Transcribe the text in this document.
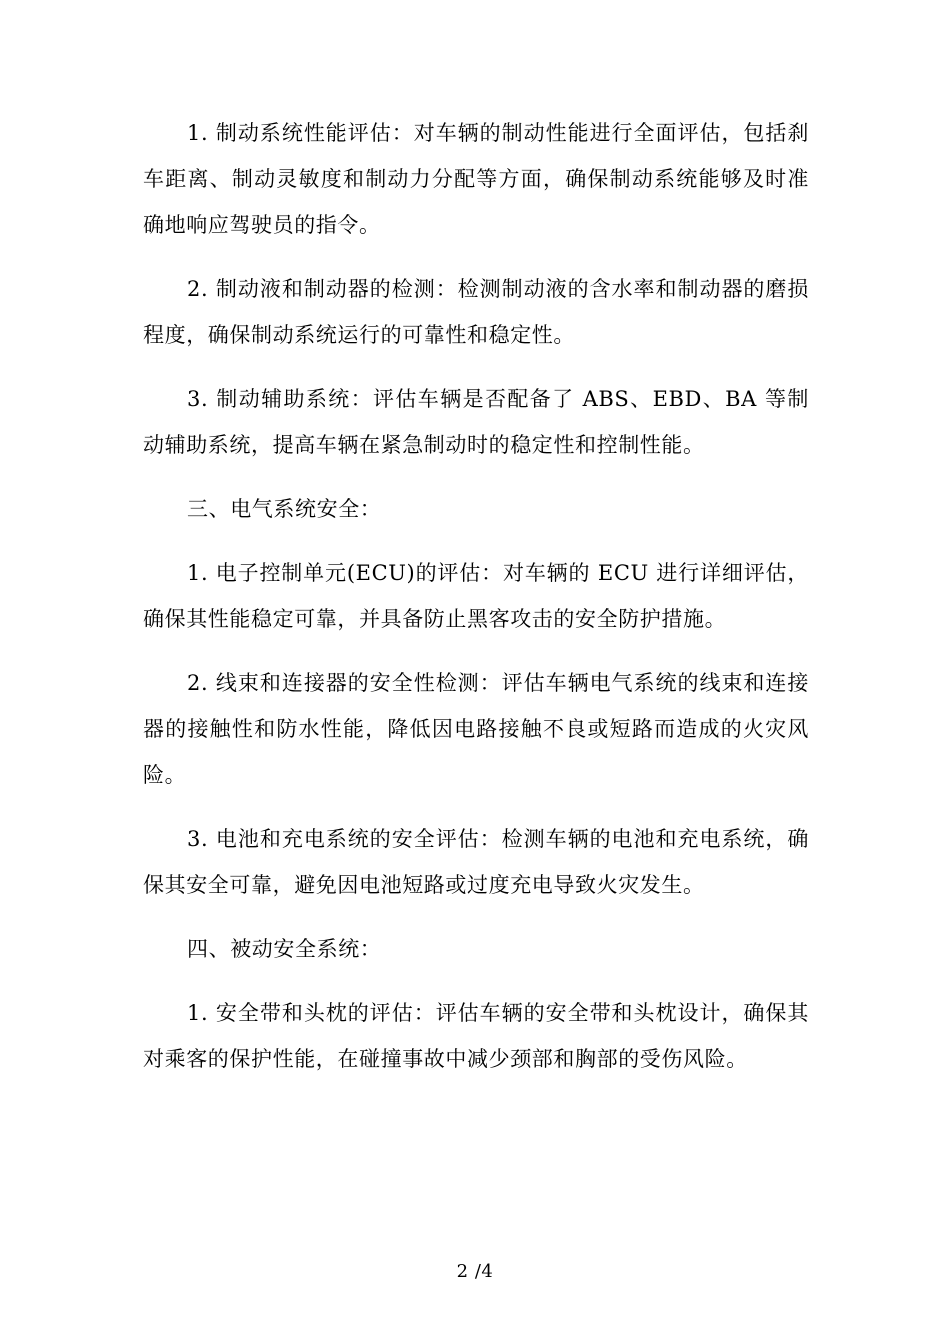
1. 制动系统性能评估：对车辆的制动性能进行全面评估，包括刹车距离、制动灵敏度和制动力分配等方面，确保制动系统能够及时准确地响应驾驶员的指令。

2. 制动液和制动器的检测：检测制动液的含水率和制动器的磨损程度，确保制动系统运行的可靠性和稳定性。

3. 制动辅助系统：评估车辆是否配备了 ABS、EBD、BA 等制动辅助系统，提高车辆在紧急制动时的稳定性和控制性能。

三、电气系统安全：

1. 电子控制单元(ECU)的评估：对车辆的 ECU 进行详细评估，确保其性能稳定可靠，并具备防止黑客攻击的安全防护措施。

2. 线束和连接器的安全性检测：评估车辆电气系统的线束和连接器的接触性和防水性能，降低因电路接触不良或短路而造成的火灾风险。

3. 电池和充电系统的安全评估：检测车辆的电池和充电系统，确保其安全可靠，避免因电池短路或过度充电导致火灾发生。

四、被动安全系统：

1. 安全带和头枕的评估：评估车辆的安全带和头枕设计，确保其对乘客的保护性能，在碰撞事故中减少颈部和胸部的受伤风险。

2 /4
